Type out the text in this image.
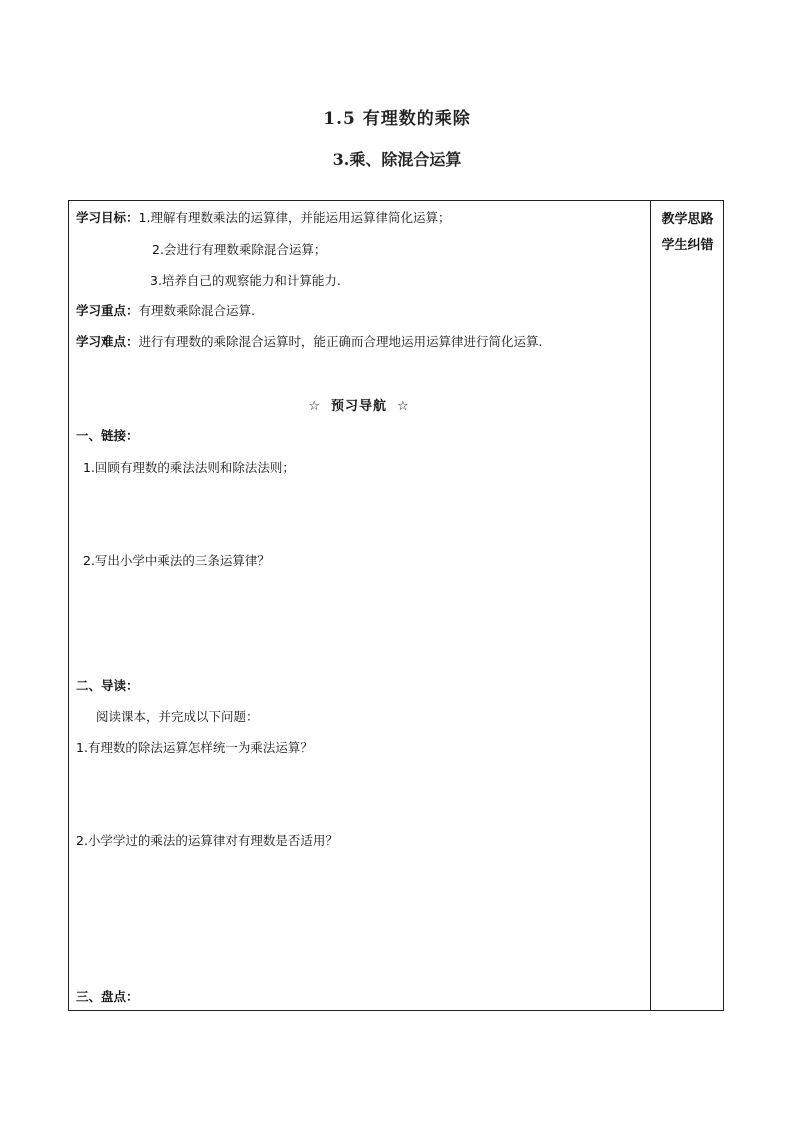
1.5 有理数的乘除
3.乘、除混合运算
教学思路
学生纠错
学习目标：1.理解有理数乘法的运算律，并能运用运算律简化运算；
2.会进行有理数乘除混合运算；
3.培养自己的观察能力和计算能力.
学习重点：有理数乘除混合运算.
学习难点：进行有理数的乘除混合运算时，能正确而合理地运用运算律进行简化运算.
☆ 预习导航 ☆
一、链接：
1.回顾有理数的乘法法则和除法法则；
2.写出小学中乘法的三条运算律？
二、导读：
阅读课本，并完成以下问题：
1.有理数的除法运算怎样统一为乘法运算？
2.小学学过的乘法的运算律对有理数是否适用？
三、盘点：
